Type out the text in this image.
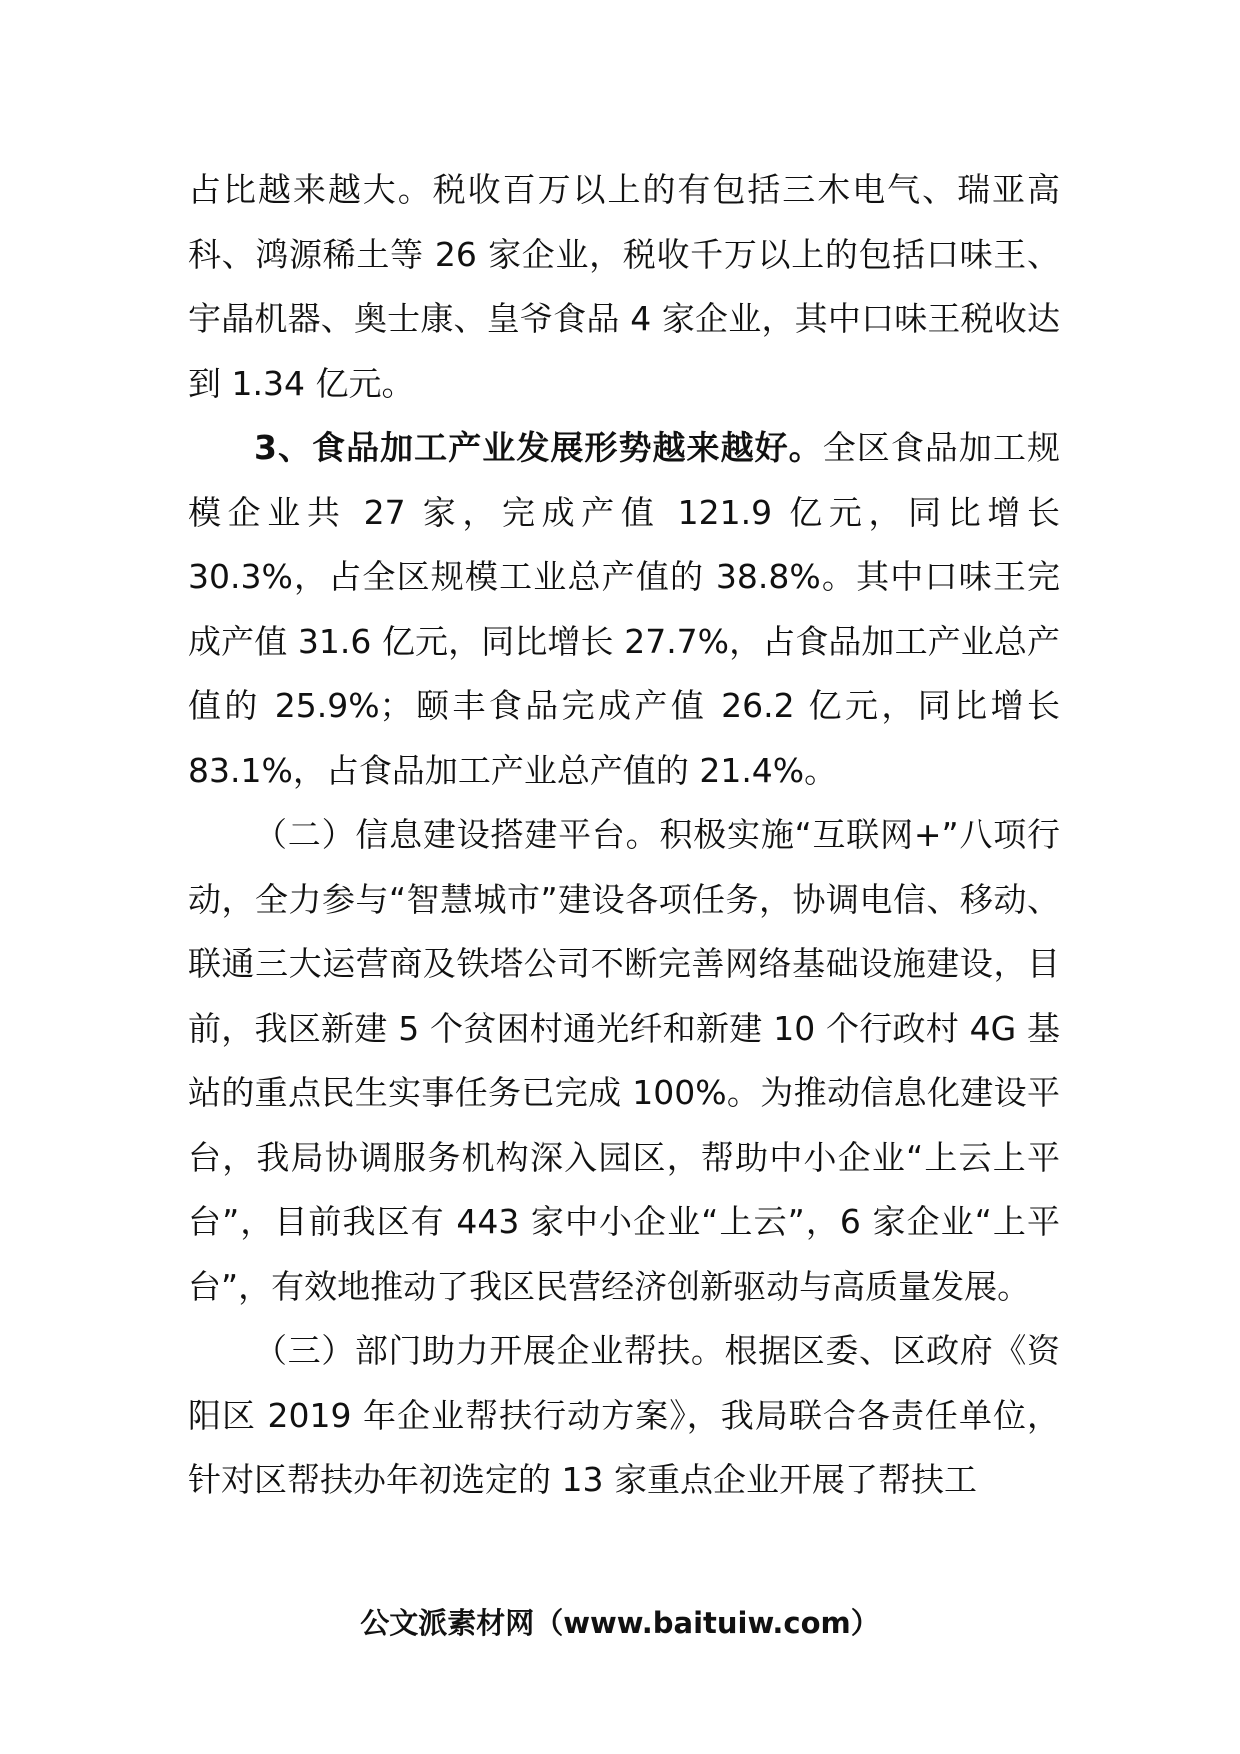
占比越来越大。税收百万以上的有包括三木电气、瑞亚高科、鸿源稀土等 26 家企业，税收千万以上的包括口味王、宇晶机器、奥士康、皇爷食品 4 家企业，其中口味王税收达到 1.34 亿元。

3、食品加工产业发展形势越来越好。全区食品加工规模企业共 27 家，完成产值 121.9 亿元，同比增长 30.3%，占全区规模工业总产值的 38.8%。其中口味王完成产值 31.6 亿元，同比增长 27.7%，占食品加工产业总产值的 25.9%；颐丰食品完成产值 26.2 亿元，同比增长 83.1%，占食品加工产业总产值的 21.4%。

（二）信息建设搭建平台。积极实施“互联网+”八项行动，全力参与“智慧城市”建设各项任务，协调电信、移动、联通三大运营商及铁塔公司不断完善网络基础设施建设，目前，我区新建 5 个贫困村通光纤和新建 10 个行政村 4G 基站的重点民生实事任务已完成 100%。为推动信息化建设平台，我局协调服务机构深入园区，帮助中小企业“上云上平台”，目前我区有 443 家中小企业“上云”，6 家企业“上平台”，有效地推动了我区民营经济创新驱动与高质量发展。

（三）部门助力开展企业帮扶。根据区委、区政府《资阳区 2019 年企业帮扶行动方案》，我局联合各责任单位，针对区帮扶办年初选定的 13 家重点企业开展了帮扶工

公文派素材网（www.baituiw.com）
